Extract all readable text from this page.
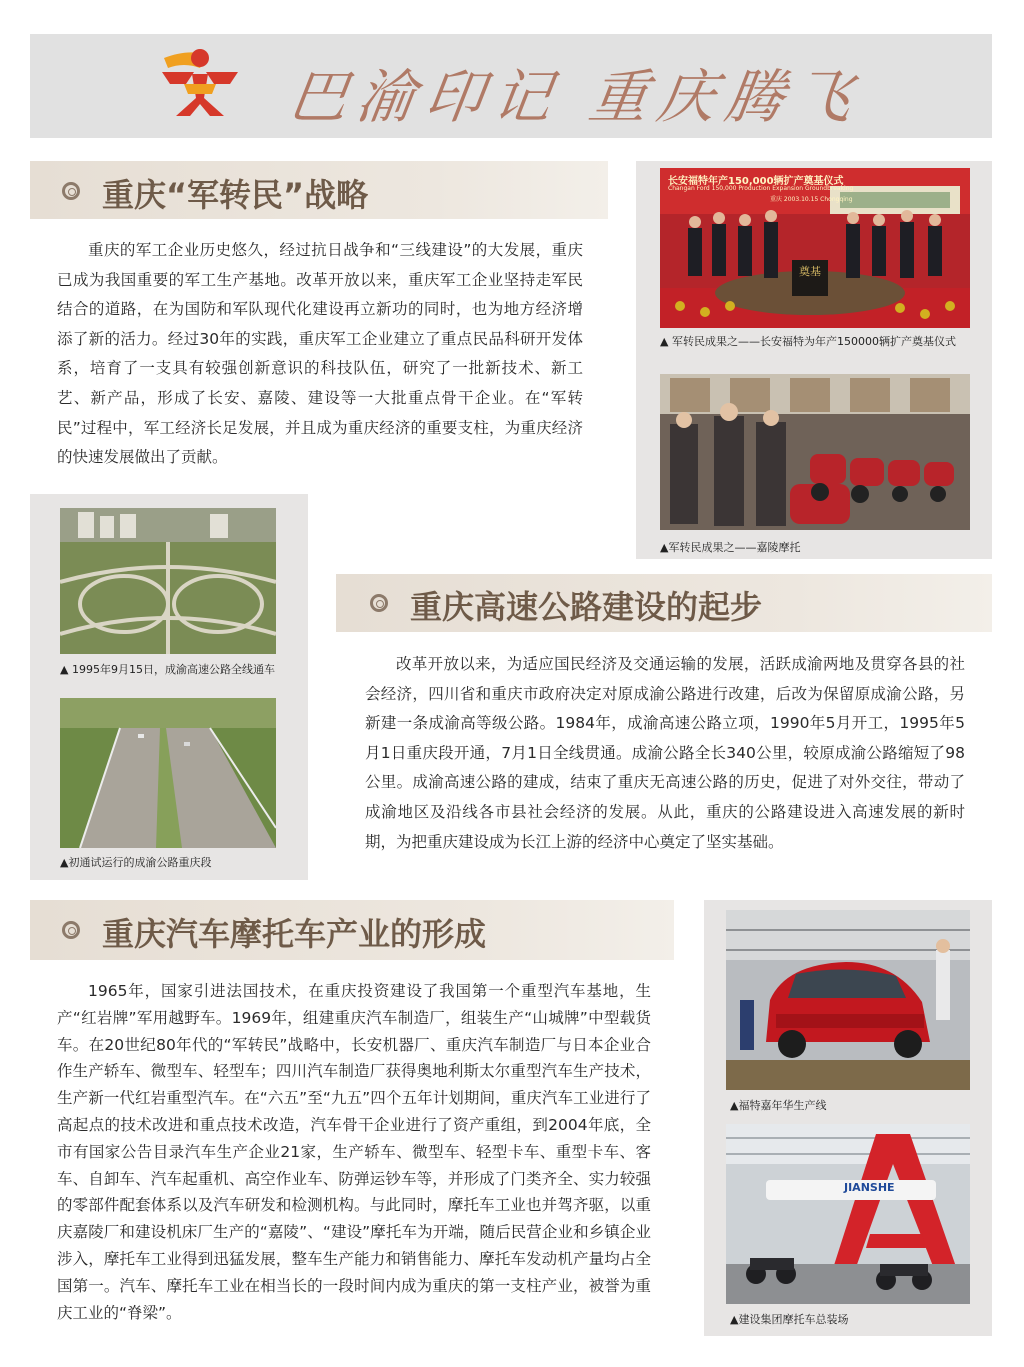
巴渝印记 重庆腾飞
重庆“军转民”战略
重庆的军工企业历史悠久，经过抗日战争和“三线建设”的大发展，重庆已成为我国重要的军工生产基地。改革开放以来，重庆军工企业坚持走军民结合的道路，在为国防和军队现代化建设再立新功的同时，也为地方经济增添了新的活力。经过30年的实践，重庆军工企业建立了重点民品科研开发体系，培育了一支具有较强创新意识的科技队伍，研究了一批新技术、新工艺、新产品，形成了长安、嘉陵、建设等一大批重点骨干企业。在“军转民”过程中，军工经济长足发展，并且成为重庆经济的重要支柱，为重庆经济的快速发展做出了贡献。
长安福特年产150,000辆扩产奠基仪式
Changan Ford 150,000 Production Expansion Groundbreaking
重庆 2003.10.15 Chongqing
奠基
▲ 军转民成果之——长安福特为年产150000辆扩产奠基仪式
▲军转民成果之——嘉陵摩托
▲ 1995年9月15日，成渝高速公路全线通车
▲初通试运行的成渝公路重庆段
重庆高速公路建设的起步
改革开放以来，为适应国民经济及交通运输的发展，活跃成渝两地及贯穿各县的社会经济，四川省和重庆市政府决定对原成渝公路进行改建，后改为保留原成渝公路，另新建一条成渝高等级公路。1984年，成渝高速公路立项，1990年5月开工，1995年5月1日重庆段开通，7月1日全线贯通。成渝公路全长340公里，较原成渝公路缩短了98公里。成渝高速公路的建成，结束了重庆无高速公路的历史，促进了对外交往，带动了成渝地区及沿线各市县社会经济的发展。从此，重庆的公路建设进入高速发展的新时期，为把重庆建设成为长江上游的经济中心奠定了坚实基础。
重庆汽车摩托车产业的形成
1965年，国家引进法国技术，在重庆投资建设了我国第一个重型汽车基地，生产“红岩牌”军用越野车。1969年，组建重庆汽车制造厂，组装生产“山城牌”中型载货车。在20世纪80年代的“军转民”战略中，长安机器厂、重庆汽车制造厂与日本企业合作生产轿车、微型车、轻型车；四川汽车制造厂获得奥地利斯太尔重型汽车生产技术，生产新一代红岩重型汽车。在“六五”至“九五”四个五年计划期间，重庆汽车工业进行了高起点的技术改进和重点技术改造，汽车骨干企业进行了资产重组，到2004年底，全市有国家公告目录汽车生产企业21家，生产轿车、微型车、轻型卡车、重型卡车、客车、自卸车、汽车起重机、高空作业车、防弹运钞车等，并形成了门类齐全、实力较强的零部件配套体系以及汽车研发和检测机构。与此同时，摩托车工业也并驾齐驱，以重庆嘉陵厂和建设机床厂生产的“嘉陵”、“建设”摩托车为开端，随后民营企业和乡镇企业涉入，摩托车工业得到迅猛发展，整车生产能力和销售能力、摩托车发动机产量均占全国第一。汽车、摩托车工业在相当长的一段时间内成为重庆的第一支柱产业，被誉为重庆工业的“脊梁”。
▲福特嘉年华生产线
JIANSHE
▲建设集团摩托车总装场
